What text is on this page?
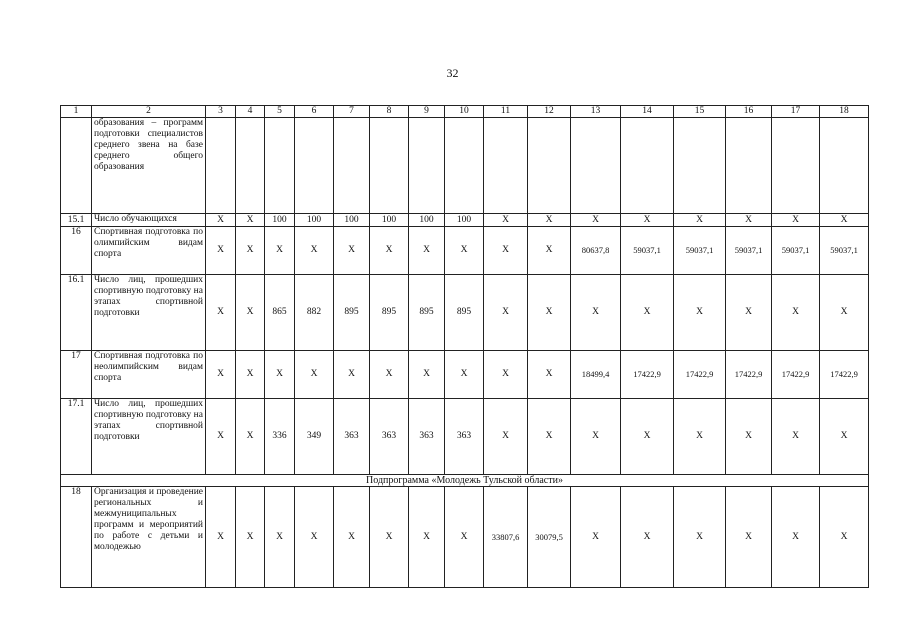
32
1	2	3	4	5	6	7	8	9	10	11	12	13	14	15	16	17	18

	образования – программ подготовки специалистов среднего звена на базе среднего общего образования																

15.1	Число обучающихся	X	X	100	100	100	100	100	100	X	X	X	X	X	X	X	X
16	Спортивная подготовка по олимпийским видам спорта	X	X	X	X	X	X	X	X	X	X	80637,8	59037,1	59037,1	59037,1	59037,1	59037,1
16.1	Число лиц, прошедших спортивную подготовку на этапах спортивной подготовки	X	X	865	882	895	895	895	895	X	X	X	X	X	X	X	X
17	Спортивная подготовка по неолимпийским видам спорта	X	X	X	X	X	X	X	X	X	X	18499,4	17422,9	17422,9	17422,9	17422,9	17422,9
17.1	Число лиц, прошедших спортивную подготовку на этапах спортивной подготовки	X	X	336	349	363	363	363	363	X	X	X	X	X	X	X	X
Подпрограмма «Молодежь Тульской области»																	
18	Организация и проведение региональных и межмуниципальных программ и мероприятий по работе с детьми и молодежью	X	X	X	X	X	X	X	X	33807,6	30079,5	X	X	X	X	X	X
